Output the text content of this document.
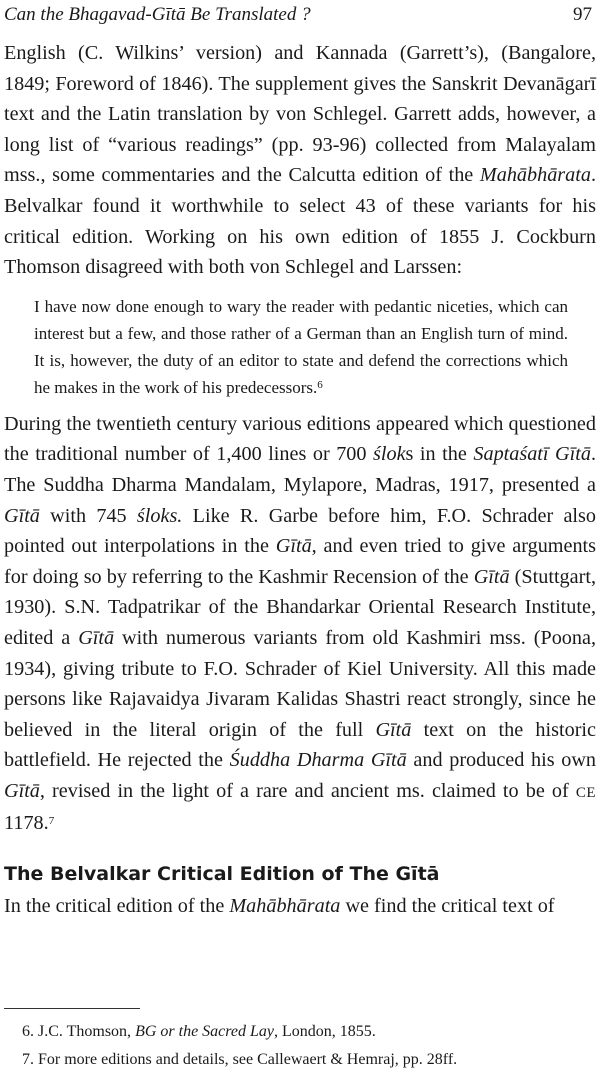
Can the Bhagavad-Gītā Be Translated ?	97

English (C. Wilkins’ version) and Kannada (Garrett’s), (Bangalore, 1849; Foreword of 1846). The supplement gives the Sanskrit Devanāgarī text and the Latin translation by von Schlegel. Garrett adds, however, a long list of “various readings” (pp. 93-96) collected from Malayalam mss., some commentaries and the Calcutta edition of the Mahābhārata. Belvalkar found it worthwhile to select 43 of these variants for his critical edition. Working on his own edition of 1855 J. Cockburn Thomson disagreed with both von Schlegel and Larssen:

I have now done enough to wary the reader with pedantic niceties, which can interest but a few, and those rather of a German than an English turn of mind. It is, however, the duty of an editor to state and defend the corrections which he makes in the work of his predecessors.$^6$

During the twentieth century various editions appeared which questioned the traditional number of 1,400 lines or 700 śloks in the Saptaśatī Gītā. The Suddha Dharma Mandalam, Mylapore, Madras, 1917, presented a Gītā with 745 śloks. Like R. Garbe before him, F.O. Schrader also pointed out interpolations in the Gītā, and even tried to give arguments for doing so by referring to the Kashmir Recension of the Gītā (Stuttgart, 1930). S.N. Tadpatrikar of the Bhandarkar Oriental Research Institute, edited a Gītā with numerous variants from old Kashmiri mss. (Poona, 1934), giving tribute to F.O. Schrader of Kiel University. All this made persons like Rajavaidya Jivaram Kalidas Shastri react strongly, since he believed in the literal origin of the full Gītā text on the historic battlefield. He rejected the Śuddha Dharma Gītā and produced his own Gītā, revised in the light of a rare and ancient ms. claimed to be of CE 1178.$^7$

The Belvalkar Critical Edition of The Gītā

In the critical edition of the Mahābhārata we find the critical text of

6. J.C. Thomson, BG or the Sacred Lay, London, 1855.

7. For more editions and details, see Callewaert & Hemraj, pp. 28ff.
